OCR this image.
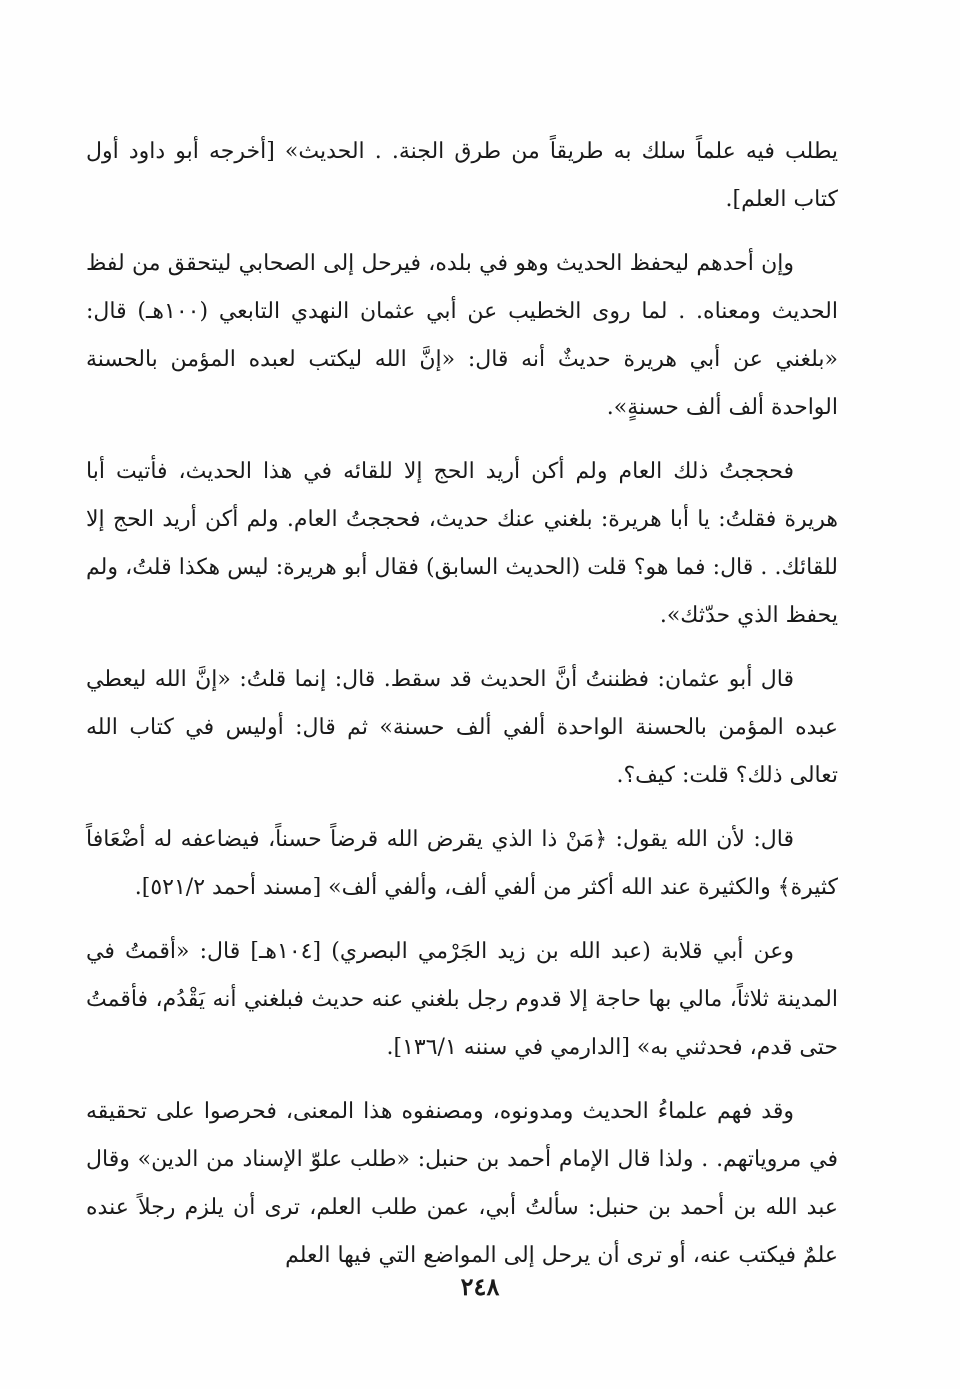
يطلب فيه علماً سلك به طريقاً من طرق الجنة. . الحديث» [أخرجه أبو داود أول كتاب العلم].

وإن أحدهم ليحفظ الحديث وهو في بلده، فيرحل إلى الصحابي ليتحقق من لفظ الحديث ومعناه. . لما روى الخطيب عن أبي عثمان النهدي التابعي (١٠٠هـ) قال: «بلغني عن أبي هريرة حديثٌ أنه قال: «إنَّ الله ليكتب لعبده المؤمن بالحسنة الواحدة ألف ألف حسنةٍ».

فحججتُ ذلك العام ولم أكن أريد الحج إلا للقائه في هذا الحديث، فأتيت أبا هريرة فقلتُ: يا أبا هريرة: بلغني عنك حديث، فحججتُ العام. ولم أكن أريد الحج إلا للقائك. . قال: فما هو؟ قلت (الحديث السابق) فقال أبو هريرة: ليس هكذا قلتُ، ولم يحفظ الذي حدّثك».

قال أبو عثمان: فظننتُ أنَّ الحديث قد سقط. قال: إنما قلتُ: «إنَّ الله ليعطي عبده المؤمن بالحسنة الواحدة ألفي ألف حسنة» ثم قال: أوليس في كتاب الله تعالى ذلك؟ قلت: كيف؟.

قال: لأن الله يقول: ﴿مَنْ ذا الذي يقرض الله قرضاً حسناً، فيضاعفه له أضْعَافاً كثيرة﴾ والكثيرة عند الله أكثر من ألفي ألف، وألفي ألف» [مسند أحمد ٥٢١/٢].

وعن أبي قلابة (عبد الله بن زيد الجَرْمي البصري) [١٠٤هـ] قال: «أقمتُ في المدينة ثلاثاً، مالي بها حاجة إلا قدوم رجل بلغني عنه حديث فبلغني أنه يَقْدُم، فأقمتُ حتى قدم، فحدثني به» [الدارمي في سننه ١٣٦/١].

وقد فهم علماءُ الحديث ومدونوه، ومصنفوه هذا المعنى، فحرصوا على تحقيقه في مروياتهم. . ولذا قال الإمام أحمد بن حنبل: «طلب علوّ الإسناد من الدين» وقال عبد الله بن أحمد بن حنبل: سألتُ أبي، عمن طلب العلم، ترى أن يلزم رجلاً عنده علمٌ فيكتب عنه، أو ترى أن يرحل إلى المواضع التي فيها العلم

٢٤٨
